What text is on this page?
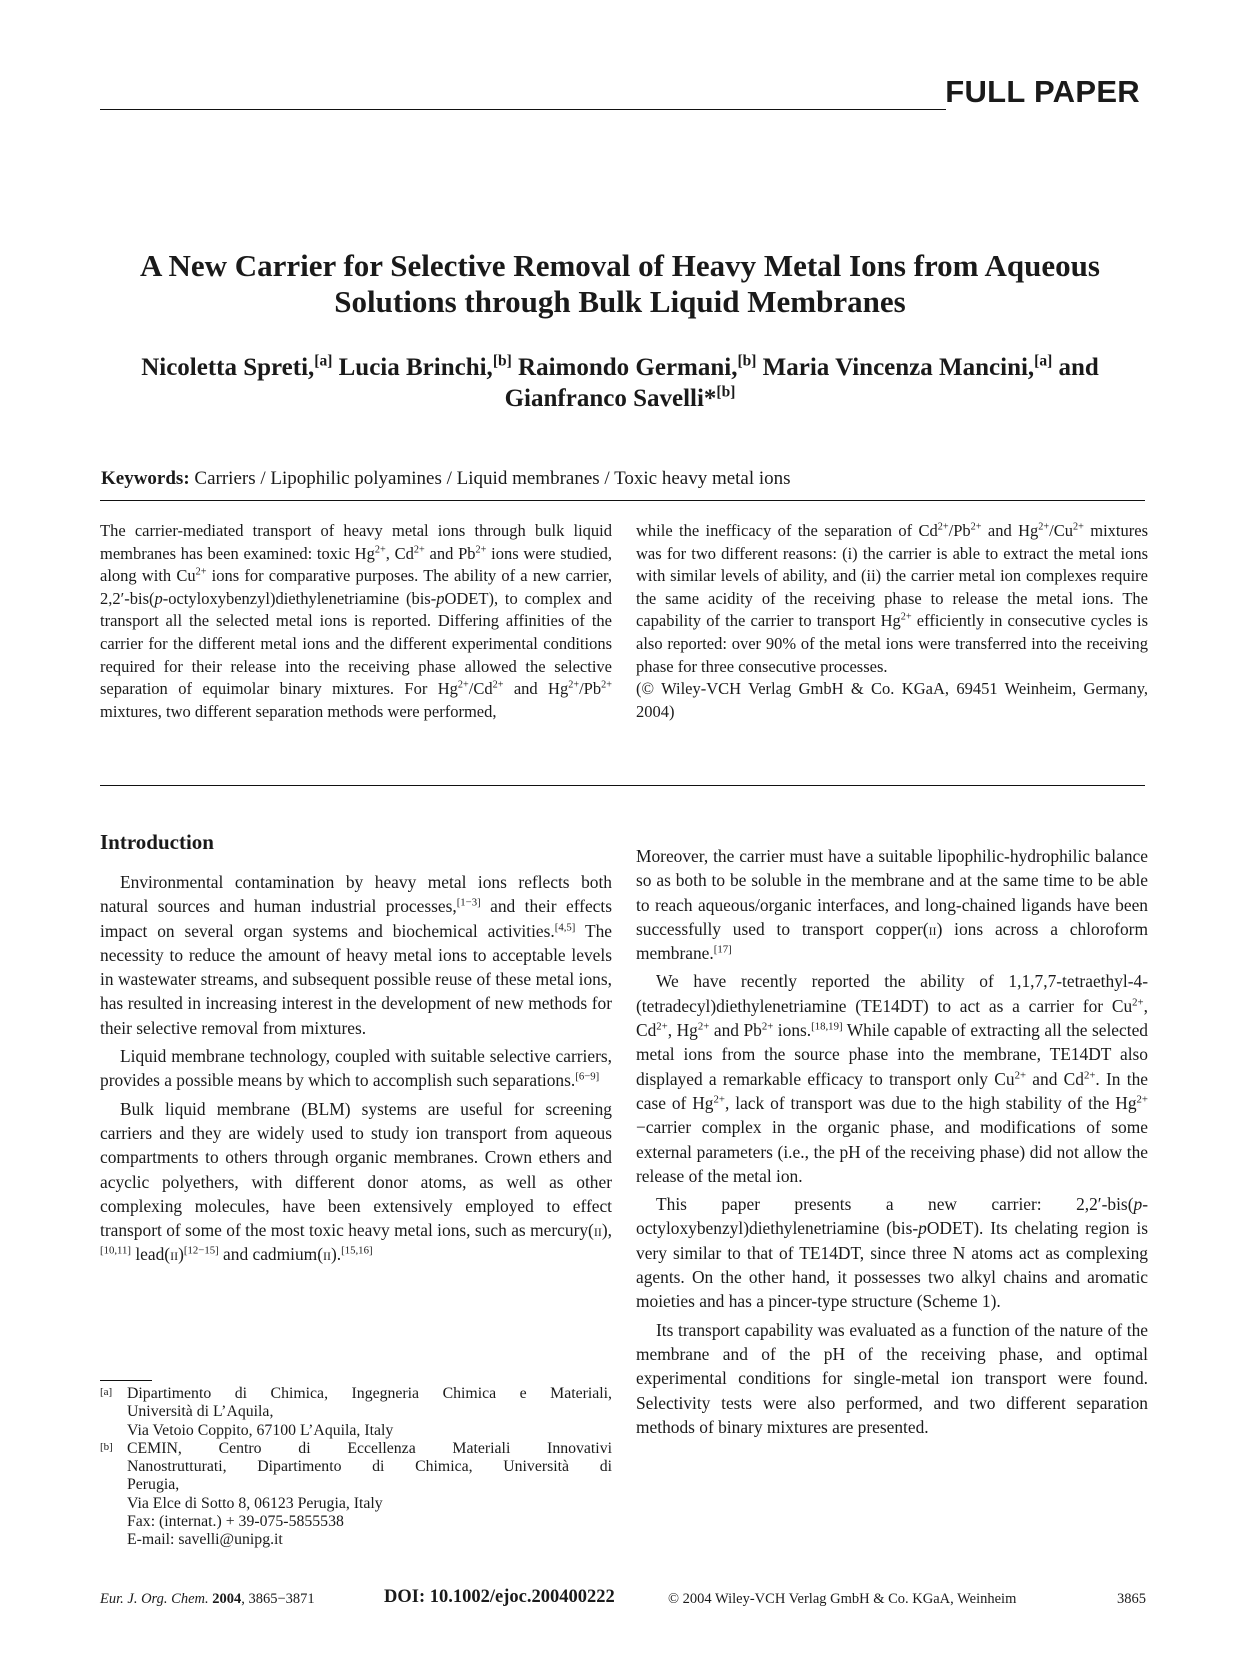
FULL PAPER
A New Carrier for Selective Removal of Heavy Metal Ions from Aqueous Solutions through Bulk Liquid Membranes

Nicoletta Spreti,[a] Lucia Brinchi,[b] Raimondo Germani,[b] Maria Vincenza Mancini,[a] and
Gianfranco Savelli*[b]

Keywords: Carriers / Lipophilic polyamines / Liquid membranes / Toxic heavy metal ions

The carrier-mediated transport of heavy metal ions through bulk liquid membranes has been examined: toxic $Hg^{2+}$, $Cd^{2+}$ and $Pb^{2+}$ ions were studied, along with $Cu^{2+}$ ions for comparative purposes. The ability of a new carrier, 2,2′-bis(p-octyloxybenzyl)diethylenetriamine (bis-pODET), to complex and transport all the selected metal ions is reported. Differing affinities of the carrier for the different metal ions and the different experimental conditions required for their release into the receiving phase allowed the selective separation of equimolar binary mixtures. For $Hg^{2+}/Cd^{2+}$ and $Hg^{2+}/Pb^{2+}$ mixtures, two different separation methods were performed,

while the inefficacy of the separation of $Cd^{2+}/Pb^{2+}$ and $Hg^{2+}/Cu^{2+}$ mixtures was for two different reasons: (i) the carrier is able to extract the metal ions with similar levels of ability, and (ii) the carrier metal ion complexes require the same acidity of the receiving phase to release the metal ions. The capability of the carrier to transport $Hg^{2+}$ efficiently in consecutive cycles is also reported: over 90% of the metal ions were transferred into the receiving phase for three consecutive processes.

(© Wiley-VCH Verlag GmbH & Co. KGaA, 69451 Weinheim, Germany, 2004)

Introduction

Environmental contamination by heavy metal ions reflects both natural sources and human industrial processes,[1−3] and their effects impact on several organ systems and biochemical activities.[4,5] The necessity to reduce the amount of heavy metal ions to acceptable levels in wastewater streams, and subsequent possible reuse of these metal ions, has resulted in increasing interest in the development of new methods for their selective removal from mixtures.

Liquid membrane technology, coupled with suitable selective carriers, provides a possible means by which to accomplish such separations.[6−9]

Bulk liquid membrane (BLM) systems are useful for screening carriers and they are widely used to study ion transport from aqueous compartments to others through organic membranes. Crown ethers and acyclic polyethers, with different donor atoms, as well as other complexing molecules, have been extensively employed to effect transport of some of the most toxic heavy metal ions, such as mercury(ii),[10,11] lead(ii)[12−15] and cadmium(ii).[15,16]

[a] Dipartimento di Chimica, Ingegneria Chimica e Materiali,
Università di L’Aquila,
Via Vetoio Coppito, 67100 L’Aquila, Italy
[b] CEMIN, Centro di Eccellenza Materiali Innovativi
Nanostrutturati, Dipartimento di Chimica, Università di
Perugia,
Via Elce di Sotto 8, 06123 Perugia, Italy
Fax: (internat.) + 39-075-5855538
E-mail: savelli@unipg.it

Moreover, the carrier must have a suitable lipophilic-hydrophilic balance so as both to be soluble in the membrane and at the same time to be able to reach aqueous/organic interfaces, and long-chained ligands have been successfully used to transport copper(ii) ions across a chloroform membrane.[17]

We have recently reported the ability of 1,1,7,7-tetraethyl-4-(tetradecyl)diethylenetriamine (TE14DT) to act as a carrier for $Cu^{2+}$, $Cd^{2+}$, $Hg^{2+}$ and $Pb^{2+}$ ions.[18,19] While capable of extracting all the selected metal ions from the source phase into the membrane, TE14DT also displayed a remarkable efficacy to transport only $Cu^{2+}$ and $Cd^{2+}$. In the case of $Hg^{2+}$, lack of transport was due to the high stability of the $Hg^{2+}-carrier$ complex in the organic phase, and modifications of some external parameters (i.e., the pH of the receiving phase) did not allow the release of the metal ion.

This paper presents a new carrier: 2,2′-bis(p-octyloxybenzyl)diethylenetriamine (bis-pODET). Its chelating region is very similar to that of TE14DT, since three N atoms act as complexing agents. On the other hand, it possesses two alkyl chains and aromatic moieties and has a pincer-type structure (Scheme 1).

Its transport capability was evaluated as a function of the nature of the membrane and of the pH of the receiving phase, and optimal experimental conditions for single-metal ion transport were found. Selectivity tests were also performed, and two different separation methods of binary mixtures are presented.

Eur. J. Org. Chem. 2004, 3865−3871	DOI: 10.1002/ejoc.200400222	© 2004 Wiley-VCH Verlag GmbH & Co. KGaA, Weinheim	3865
